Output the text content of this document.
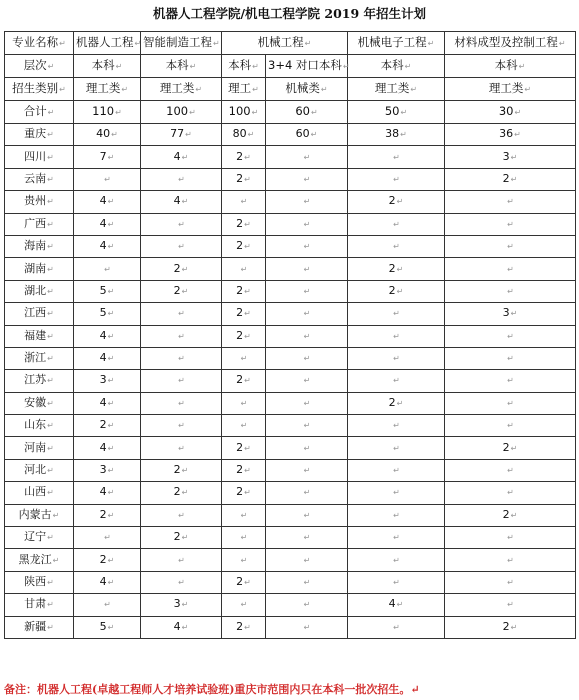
机器人工程学院/机电工程学院 2019 年招生计划
专业名称↵	机器人工程↵	智能制造工程↵	机械工程↵		机械电子工程↵	材料成型及控制工程↵
层次↵	本科↵	本科↵	本科↵	3+4 对口本科↵	本科↵	本科↵
招生类别↵	理工类↵	理工类↵	理工↵	机械类↵	理工类↵	理工类↵
合计↵	110↵	100↵	100↵	60↵	50↵	30↵
重庆↵	40↵	77↵	80↵	60↵	38↵	36↵
四川↵	7↵	4↵	2↵	↵	↵	3↵
云南↵	↵	↵	2↵	↵	↵	2↵
贵州↵	4↵	4↵	↵	↵	2↵	↵
广西↵	4↵	↵	2↵	↵	↵	↵
海南↵	4↵	↵	2↵	↵	↵	↵
湖南↵	↵	2↵	↵	↵	2↵	↵
湖北↵	5↵	2↵	2↵	↵	2↵	↵
江西↵	5↵	↵	2↵	↵	↵	3↵
福建↵	4↵	↵	2↵	↵	↵	↵
浙江↵	4↵	↵	↵	↵	↵	↵
江苏↵	3↵	↵	2↵	↵	↵	↵
安徽↵	4↵	↵	↵	↵	2↵	↵
山东↵	2↵	↵	↵	↵	↵	↵
河南↵	4↵	↵	2↵	↵	↵	2↵
河北↵	3↵	2↵	2↵	↵	↵	↵
山西↵	4↵	2↵	2↵	↵	↵	↵
内蒙古↵	2↵	↵	↵	↵	↵	2↵
辽宁↵	↵	2↵	↵	↵	↵	↵
黑龙江↵	2↵	↵	↵	↵	↵	↵
陕西↵	4↵	↵	2↵	↵	↵	↵
甘肃↵	↵	3↵	↵	↵	4↵	↵
新疆↵	5↵	4↵	2↵	↵	↵	2↵
备注：机器人工程(卓越工程师人才培养试验班)重庆市范围内只在本科一批次招生。↵
